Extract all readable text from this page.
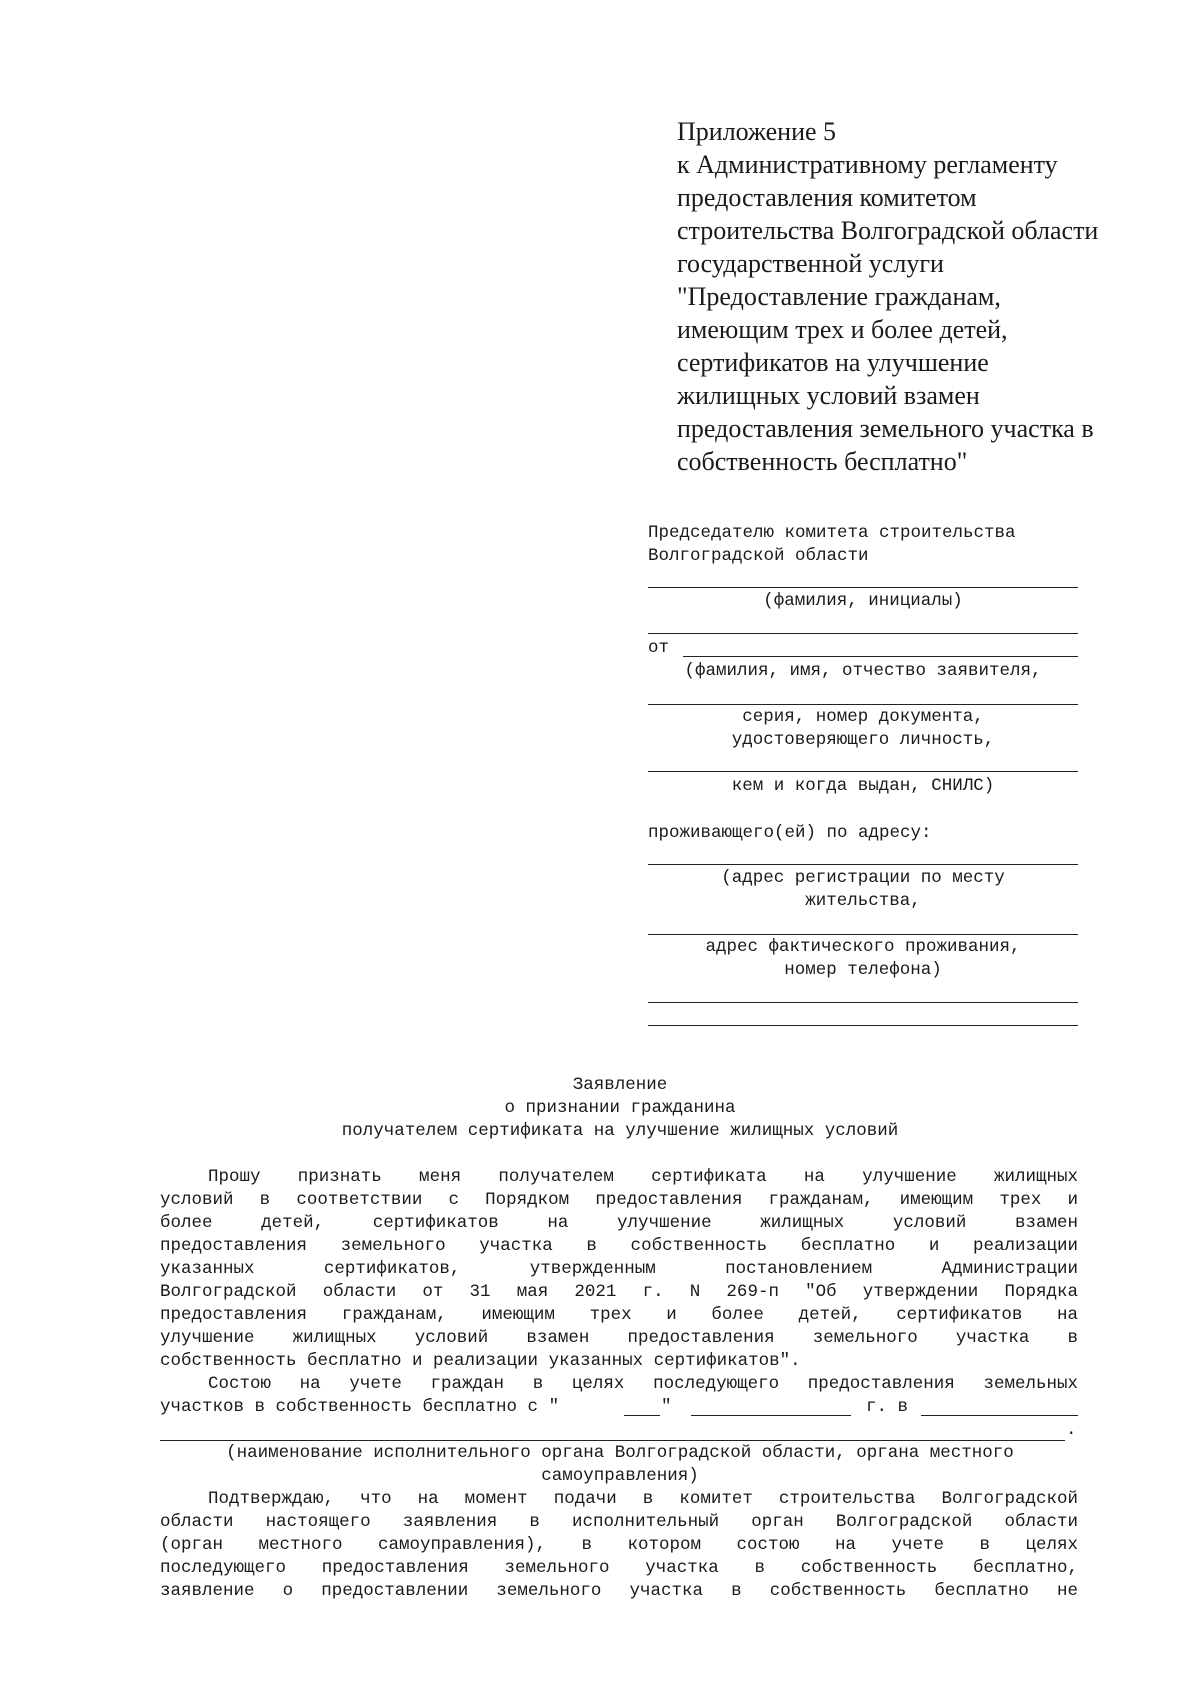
Приложение 5
к Административному регламенту
предоставления комитетом
строительства Волгоградской области
государственной услуги
"Предоставление гражданам,
имеющим трех и более детей,
сертификатов на улучшение
жилищных условий взамен
предоставления земельного участка в
собственность бесплатно"
Председателю комитета строительства
Волгоградской области
(фамилия, инициалы)
от
(фамилия, имя, отчество заявителя,
серия, номер документа,
удостоверяющего личность,
кем и когда выдан, СНИЛС)
проживающего(ей) по адресу:
(адрес регистрации по месту
жительства,
адрес фактического проживания,
номер телефона)
Заявление
о признании гражданина
получателем сертификата на улучшение жилищных условий
Прошу признать меня получателем сертификата на улучшение жилищных
условий в соответствии с Порядком предоставления гражданам, имеющим трех и
более детей, сертификатов на улучшение жилищных условий взамен
предоставления земельного участка в собственность бесплатно и реализации
указанных сертификатов, утвержденным постановлением Администрации
Волгоградской области от 31 мая 2021 г. N 269-п "Об утверждении Порядка
предоставления гражданам, имеющим трех и более детей, сертификатов на
улучшение жилищных условий взамен предоставления земельного участка в
собственность бесплатно и реализации указанных сертификатов".
Состою на учете граждан в целях последующего предоставления земельных
участков в собственность бесплатно с "	"	г. в
.
(наименование исполнительного органа Волгоградской области, органа местного
самоуправления)
Подтверждаю, что на момент подачи в комитет строительства Волгоградской
области настоящего заявления в исполнительный орган Волгоградской области
(орган местного самоуправления), в котором состою на учете в целях
последующего предоставления земельного участка в собственность бесплатно,
заявление о предоставлении земельного участка в собственность бесплатно не
